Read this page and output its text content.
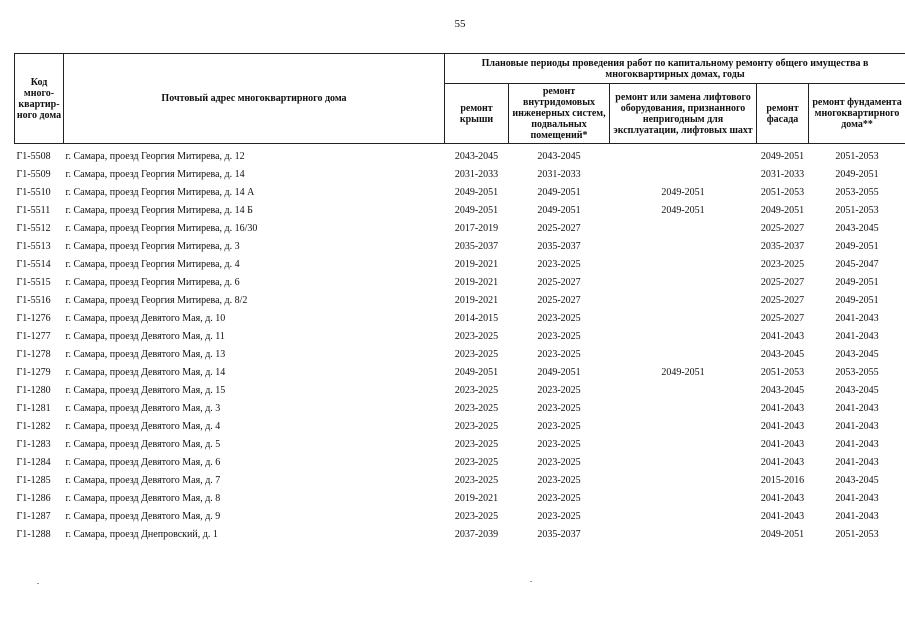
55
Код много-квартир-ного дома	Почтовый адрес многоквартирного дома	Плановые периоды проведения работ по капитальному ремонту общего имущества в многоквартирных домах, годы				
		ремонт крыши	ремонт внутридомовых инженерных систем, подвальных помещений*	ремонт или замена лифтового оборудования, признанного непригодным для эксплуатации, лифтовых шахт	ремонт фасада	ремонт фундамента многоквартирного дома**
Г1-5508	г. Самара, проезд Георгия Митирева, д. 12	2043-2045	2043-2045		2049-2051	2051-2053
Г1-5509	г. Самара, проезд Георгия Митирева, д. 14	2031-2033	2031-2033		2031-2033	2049-2051
Г1-5510	г. Самара, проезд Георгия Митирева, д. 14 А	2049-2051	2049-2051	2049-2051	2051-2053	2053-2055
Г1-5511	г. Самара, проезд Георгия Митирева, д. 14 Б	2049-2051	2049-2051	2049-2051	2049-2051	2051-2053
Г1-5512	г. Самара, проезд Георгия Митирева, д. 16/30	2017-2019	2025-2027		2025-2027	2043-2045
Г1-5513	г. Самара, проезд Георгия Митирева, д. 3	2035-2037	2035-2037		2035-2037	2049-2051
Г1-5514	г. Самара, проезд Георгия Митирева, д. 4	2019-2021	2023-2025		2023-2025	2045-2047
Г1-5515	г. Самара, проезд Георгия Митирева, д. 6	2019-2021	2025-2027		2025-2027	2049-2051
Г1-5516	г. Самара, проезд Георгия Митирева, д. 8/2	2019-2021	2025-2027		2025-2027	2049-2051
Г1-1276	г. Самара, проезд Девятого Мая, д. 10	2014-2015	2023-2025		2025-2027	2041-2043
Г1-1277	г. Самара, проезд Девятого Мая, д. 11	2023-2025	2023-2025		2041-2043	2041-2043
Г1-1278	г. Самара, проезд Девятого Мая, д. 13	2023-2025	2023-2025		2043-2045	2043-2045
Г1-1279	г. Самара, проезд Девятого Мая, д. 14	2049-2051	2049-2051	2049-2051	2051-2053	2053-2055
Г1-1280	г. Самара, проезд Девятого Мая, д. 15	2023-2025	2023-2025		2043-2045	2043-2045
Г1-1281	г. Самара, проезд Девятого Мая, д. 3	2023-2025	2023-2025		2041-2043	2041-2043
Г1-1282	г. Самара, проезд Девятого Мая, д. 4	2023-2025	2023-2025		2041-2043	2041-2043
Г1-1283	г. Самара, проезд Девятого Мая, д. 5	2023-2025	2023-2025		2041-2043	2041-2043
Г1-1284	г. Самара, проезд Девятого Мая, д. 6	2023-2025	2023-2025		2041-2043	2041-2043
Г1-1285	г. Самара, проезд Девятого Мая, д. 7	2023-2025	2023-2025		2015-2016	2043-2045
Г1-1286	г. Самара, проезд Девятого Мая, д. 8	2019-2021	2023-2025		2041-2043	2041-2043
Г1-1287	г. Самара, проезд Девятого Мая, д. 9	2023-2025	2023-2025		2041-2043	2041-2043
Г1-1288	г. Самара, проезд Днепровский, д. 1	2037-2039	2035-2037		2049-2051	2051-2053
